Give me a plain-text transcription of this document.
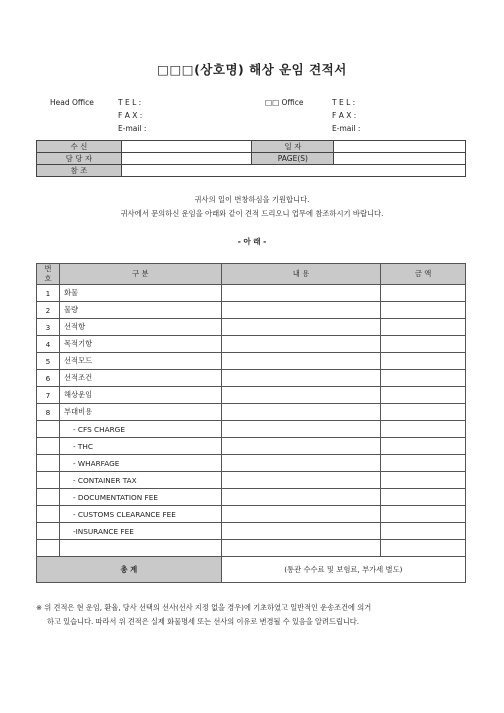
□□□(상호명) 해상 운임 견적서
Head Office	T E L :
F A X :
E-mail :
□□ Office	T E L :
F A X :
E-mail :
수 신		일 자	
담 당 자		PAGE(S)	
참 조			
귀사의 일이 번창하심을 기원합니다.
귀사에서 문의하신 운임을 아래와 같이 견적 드리오니 업무에 참조하시기 바랍니다.
- 아 래 -
번호	구 분	내 용	금 액
1	화물		
2	물량		
3	선적항		
4	목적기항		
5	선적모드		
6	선적조건		
7	해상운임		
8	부대비용		
	- CFS CHARGE		
	- THC		
	- WHARFAGE		
	- CONTAINER TAX		
	- DOCUMENTATION FEE		
	- CUSTOMS CLEARANCE FEE		
	-INSURANCE FEE		

총 계		(통관 수수료 및 보험료, 부가세 별도)	
※ 위 견적은 현 운임, 환율, 당사 선택의 선사(선사 지정 없을 경우)에 기초하였고 일반적인 운송조건에 의거
하고 있습니다. 따라서 위 견적은 실제 화물명세 또는 선사의 이유로 변경될 수 있음을 알려드립니다.
